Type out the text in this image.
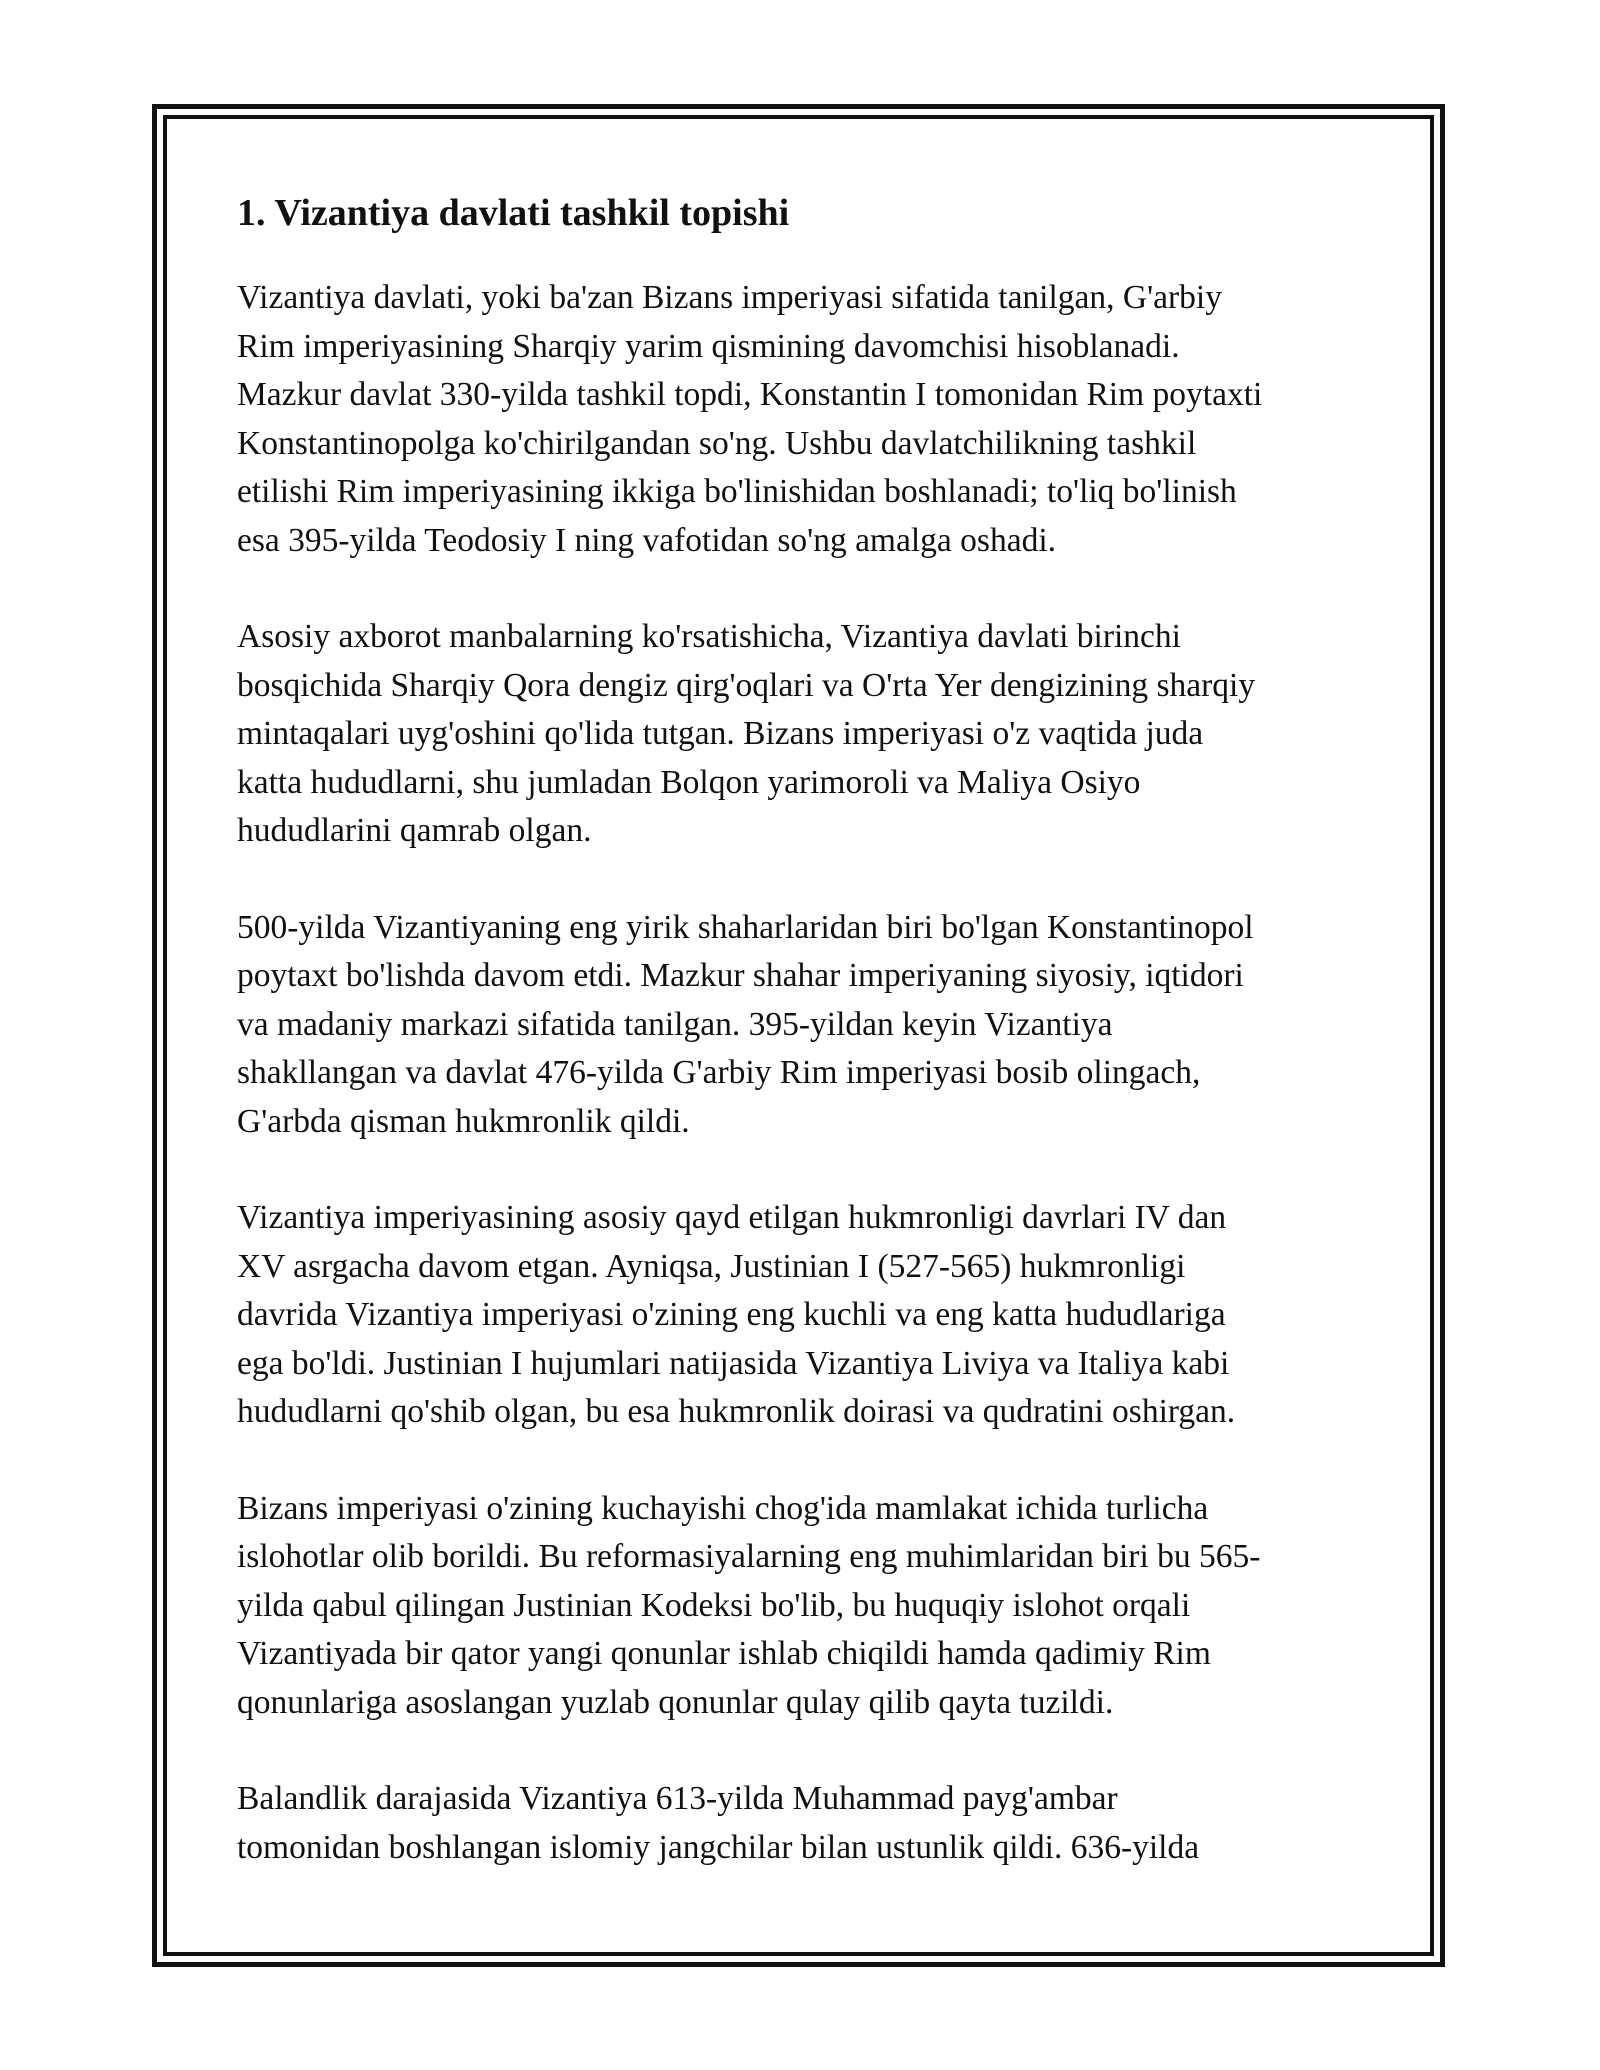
1. Vizantiya davlati tashkil topishi

Vizantiya davlati, yoki ba'zan Bizans imperiyasi sifatida tanilgan, G'arbiy
Rim imperiyasining Sharqiy yarim qismining davomchisi hisoblanadi.
Mazkur davlat 330-yilda tashkil topdi, Konstantin I tomonidan Rim poytaxti
Konstantinopolga ko'chirilgandan so'ng. Ushbu davlatchilikning tashkil
etilishi Rim imperiyasining ikkiga bo'linishidan boshlanadi; to'liq bo'linish
esa 395-yilda Teodosiy I ning vafotidan so'ng amalga oshadi.

Asosiy axborot manbalarning ko'rsatishicha, Vizantiya davlati birinchi
bosqichida Sharqiy Qora dengiz qirg'oqlari va O'rta Yer dengizining sharqiy
mintaqalari uyg'oshini qo'lida tutgan. Bizans imperiyasi o'z vaqtida juda
katta hududlarni, shu jumladan Bolqon yarimoroli va Maliya Osiyo
hududlarini qamrab olgan.

500-yilda Vizantiyaning eng yirik shaharlaridan biri bo'lgan Konstantinopol
poytaxt bo'lishda davom etdi. Mazkur shahar imperiyaning siyosiy, iqtidori
va madaniy markazi sifatida tanilgan. 395-yildan keyin Vizantiya
shakllangan va davlat 476-yilda G'arbiy Rim imperiyasi bosib olingach,
G'arbda qisman hukmronlik qildi.

Vizantiya imperiyasining asosiy qayd etilgan hukmronligi davrlari IV dan
XV asrgacha davom etgan. Ayniqsa, Justinian I (527-565) hukmronligi
davrida Vizantiya imperiyasi o'zining eng kuchli va eng katta hududlariga
ega bo'ldi. Justinian I hujumlari natijasida Vizantiya Liviya va Italiya kabi
hududlarni qo'shib olgan, bu esa hukmronlik doirasi va qudratini oshirgan.

Bizans imperiyasi o'zining kuchayishi chog'ida mamlakat ichida turlicha
islohotlar olib borildi. Bu reformasiyalarning eng muhimlaridan biri bu 565-
yilda qabul qilingan Justinian Kodeksi bo'lib, bu huquqiy islohot orqali
Vizantiyada bir qator yangi qonunlar ishlab chiqildi hamda qadimiy Rim
qonunlariga asoslangan yuzlab qonunlar qulay qilib qayta tuzildi.

Balandlik darajasida Vizantiya 613-yilda Muhammad payg'ambar
tomonidan boshlangan islomiy jangchilar bilan ustunlik qildi. 636-yilda
